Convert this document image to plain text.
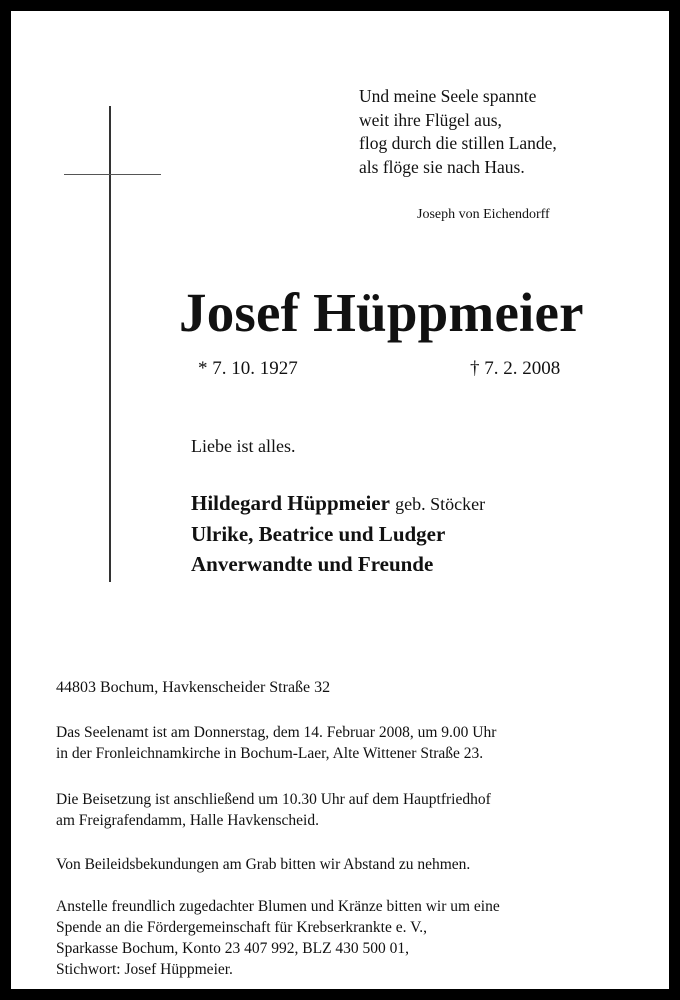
Und meine Seele spannte
weit ihre Flügel aus,
flog durch die stillen Lande,
als flöge sie nach Haus.
Joseph von Eichendorff
Josef Hüppmeier
* 7. 10. 1927	† 7. 2. 2008
Liebe ist alles.
Hildegard Hüppmeier geb. Stöcker
Ulrike, Beatrice und Ludger
Anverwandte und Freunde
44803 Bochum, Havkenscheider Straße 32
Das Seelenamt ist am Donnerstag, dem 14. Februar 2008, um 9.00 Uhr
in der Fronleichnamkirche in Bochum-Laer, Alte Wittener Straße 23.
Die Beisetzung ist anschließend um 10.30 Uhr auf dem Hauptfriedhof
am Freigrafendamm, Halle Havkenscheid.
Von Beileidsbekundungen am Grab bitten wir Abstand zu nehmen.
Anstelle freundlich zugedachter Blumen und Kränze bitten wir um eine
Spende an die Fördergemeinschaft für Krebserkrankte e. V.,
Sparkasse Bochum, Konto 23 407 992, BLZ 430 500 01,
Stichwort: Josef Hüppmeier.
